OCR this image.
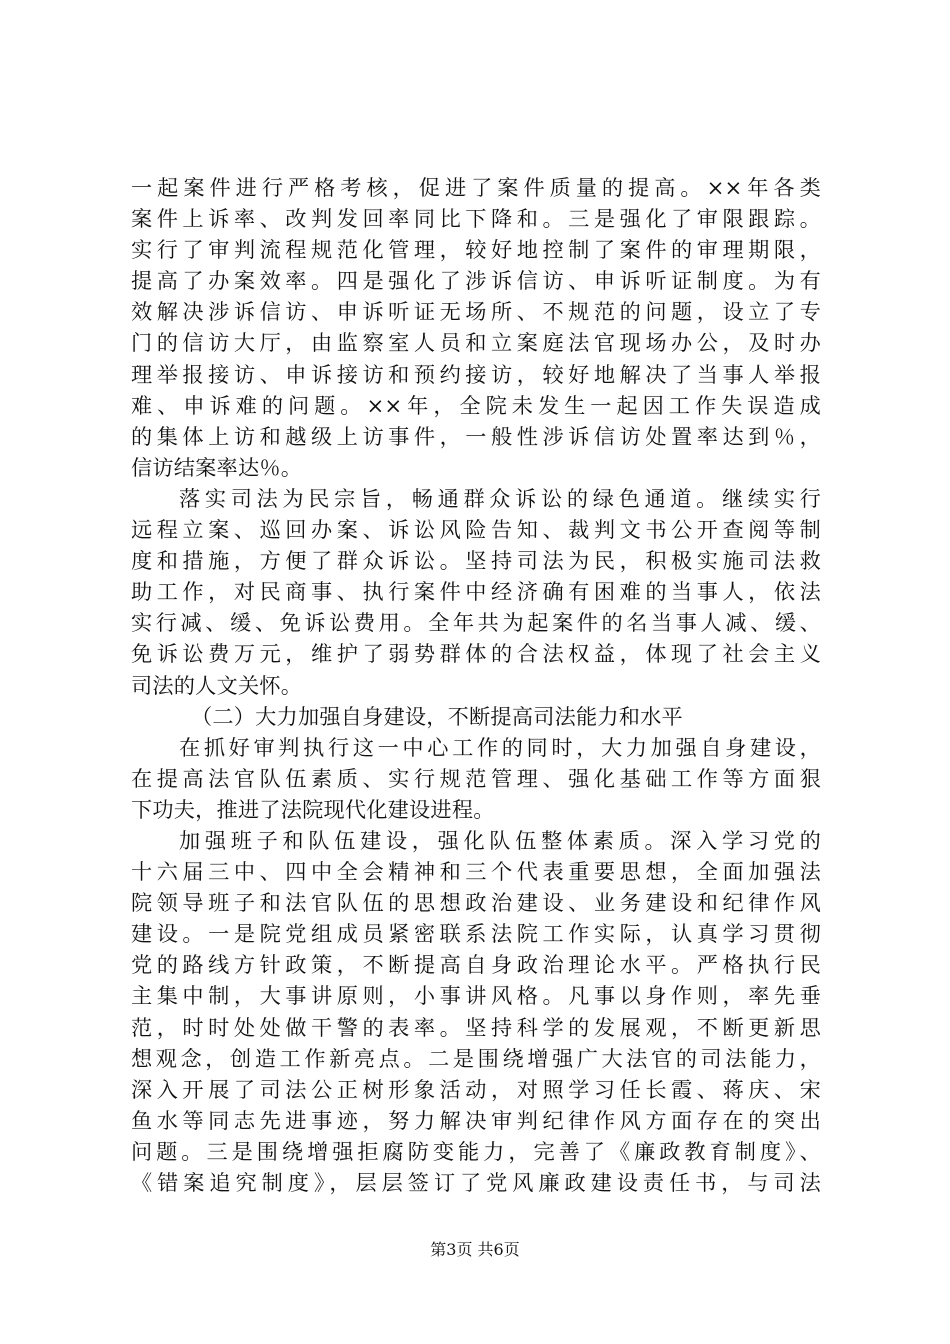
一起案件进行严格考核，促进了案件质量的提高。××年各类
案件上诉率、改判发回率同比下降和。三是强化了审限跟踪。
实行了审判流程规范化管理，较好地控制了案件的审理期限，
提高了办案效率。四是强化了涉诉信访、申诉听证制度。为有
效解决涉诉信访、申诉听证无场所、不规范的问题，设立了专
门的信访大厅，由监察室人员和立案庭法官现场办公，及时办
理举报接访、申诉接访和预约接访，较好地解决了当事人举报
难、申诉难的问题。××年，全院未发生一起因工作失误造成
的集体上访和越级上访事件，一般性涉诉信访处置率达到％，
信访结案率达％。
落实司法为民宗旨，畅通群众诉讼的绿色通道。继续实行
远程立案、巡回办案、诉讼风险告知、裁判文书公开查阅等制
度和措施，方便了群众诉讼。坚持司法为民，积极实施司法救
助工作，对民商事、执行案件中经济确有困难的当事人，依法
实行减、缓、免诉讼费用。全年共为起案件的名当事人减、缓、
免诉讼费万元，维护了弱势群体的合法权益，体现了社会主义
司法的人文关怀。
（二）大力加强自身建设，不断提高司法能力和水平
在抓好审判执行这一中心工作的同时，大力加强自身建设，
在提高法官队伍素质、实行规范管理、强化基础工作等方面狠
下功夫，推进了法院现代化建设进程。
加强班子和队伍建设，强化队伍整体素质。深入学习党的
十六届三中、四中全会精神和三个代表重要思想，全面加强法
院领导班子和法官队伍的思想政治建设、业务建设和纪律作风
建设。一是院党组成员紧密联系法院工作实际，认真学习贯彻
党的路线方针政策，不断提高自身政治理论水平。严格执行民
主集中制，大事讲原则，小事讲风格。凡事以身作则，率先垂
范，时时处处做干警的表率。坚持科学的发展观，不断更新思
想观念，创造工作新亮点。二是围绕增强广大法官的司法能力，
深入开展了司法公正树形象活动，对照学习任长霞、蒋庆、宋
鱼水等同志先进事迹，努力解决审判纪律作风方面存在的突出
问题。三是围绕增强拒腐防变能力，完善了《廉政教育制度》、
《错案追究制度》，层层签订了党风廉政建设责任书，与司法
第3页 共6页
